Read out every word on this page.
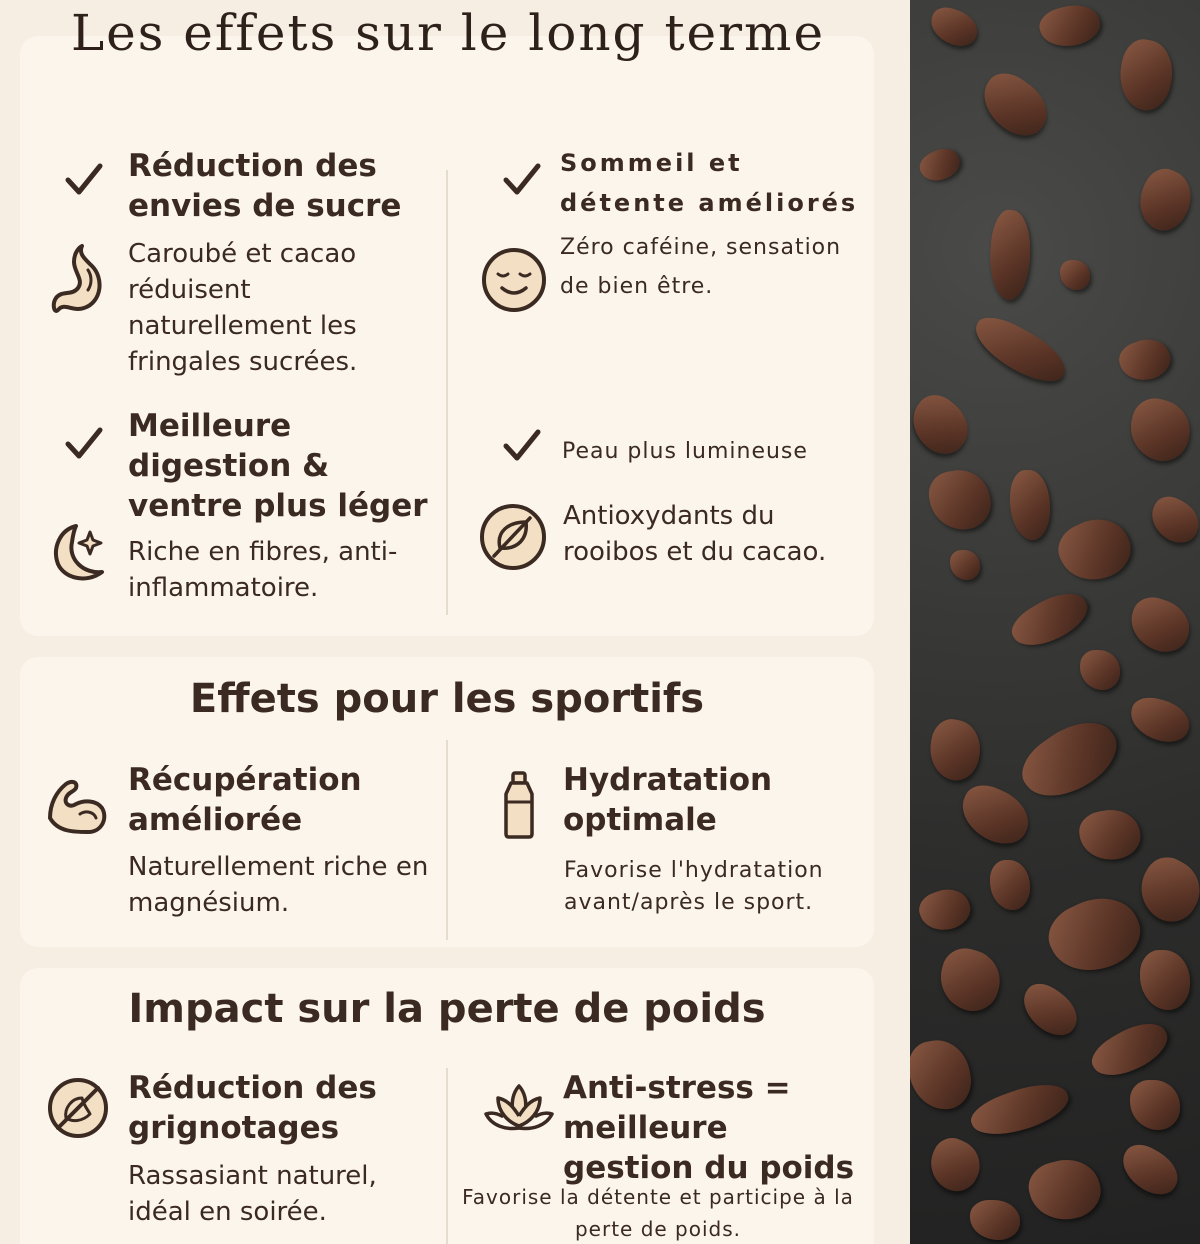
Les effets sur le long terme
Réduction des envies de sucre
Caroubé et cacao réduisent naturellement les fringales sucrées.
Sommeil et détente améliorés
Zéro caféine, sensation de bien être.
Meilleure digestion & ventre plus léger
Riche en fibres, anti-inflammatoire.
Peau plus lumineuse
Antioxydants du rooibos et du cacao.
Effets pour les sportifs
Récupération améliorée
Naturellement riche en magnésium.
Hydratation optimale
Favorise l'hydratation avant/après le sport.
Impact sur la perte de poids
Réduction des grignotages
Rassasiant naturel, idéal en soirée.
Anti-stress = meilleure gestion du poids
Favorise la détente et participe à la perte de poids.
